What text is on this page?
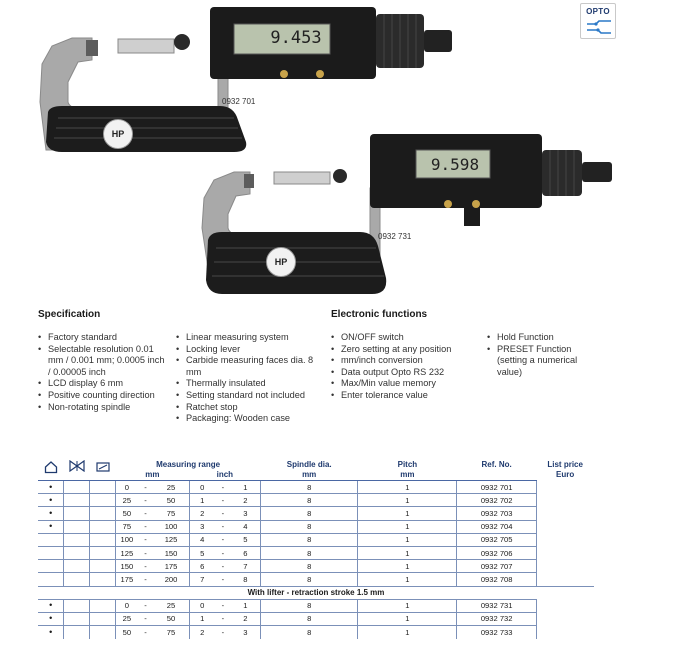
OPTO
9.453
HP
0932 701
9.598
HP
0932 731
Specification
• Factory standard
• Selectable resolution 0.01 mm / 0.001 mm; 0.0005 inch / 0.00005 inch
• LCD display 6 mm
• Positive counting direction
• Non-rotating spindle
• Linear measuring system
• Locking lever
• Carbide measuring faces dia. 8 mm
• Thermally insulated
• Setting standard not included
• Ratchet stop
• Packaging: Wooden case
Electronic functions
• ON/OFF switch
• Zero setting at any position
• mm/inch conversion
• Data output Opto RS 232
• Max/Min value memory
• Enter tolerance value
• Hold Function
• PRESET Function (setting a numerical value)
			Measuring range						Spindle dia.	Pitch	Ref. No.	List price
			mm			inch			mm	mm		Euro
•			0	-	25	0	-	1	8	1	0932 701	
•			25	-	50	1	-	2	8	1	0932 702	
•			50	-	75	2	-	3	8	1	0932 703	
•			75	-	100	3	-	4	8	1	0932 704	
			100	-	125	4	-	5	8	1	0932 705	
			125	-	150	5	-	6	8	1	0932 706	
			150	-	175	6	-	7	8	1	0932 707	
			175	-	200	7	-	8	8	1	0932 708	
With lifter - retraction stroke 1.5 mm												
•			0	-	25	0	-	1	8	1	0932 731	
•			25	-	50	1	-	2	8	1	0932 732	
•			50	-	75	2	-	3	8	1	0932 733	
